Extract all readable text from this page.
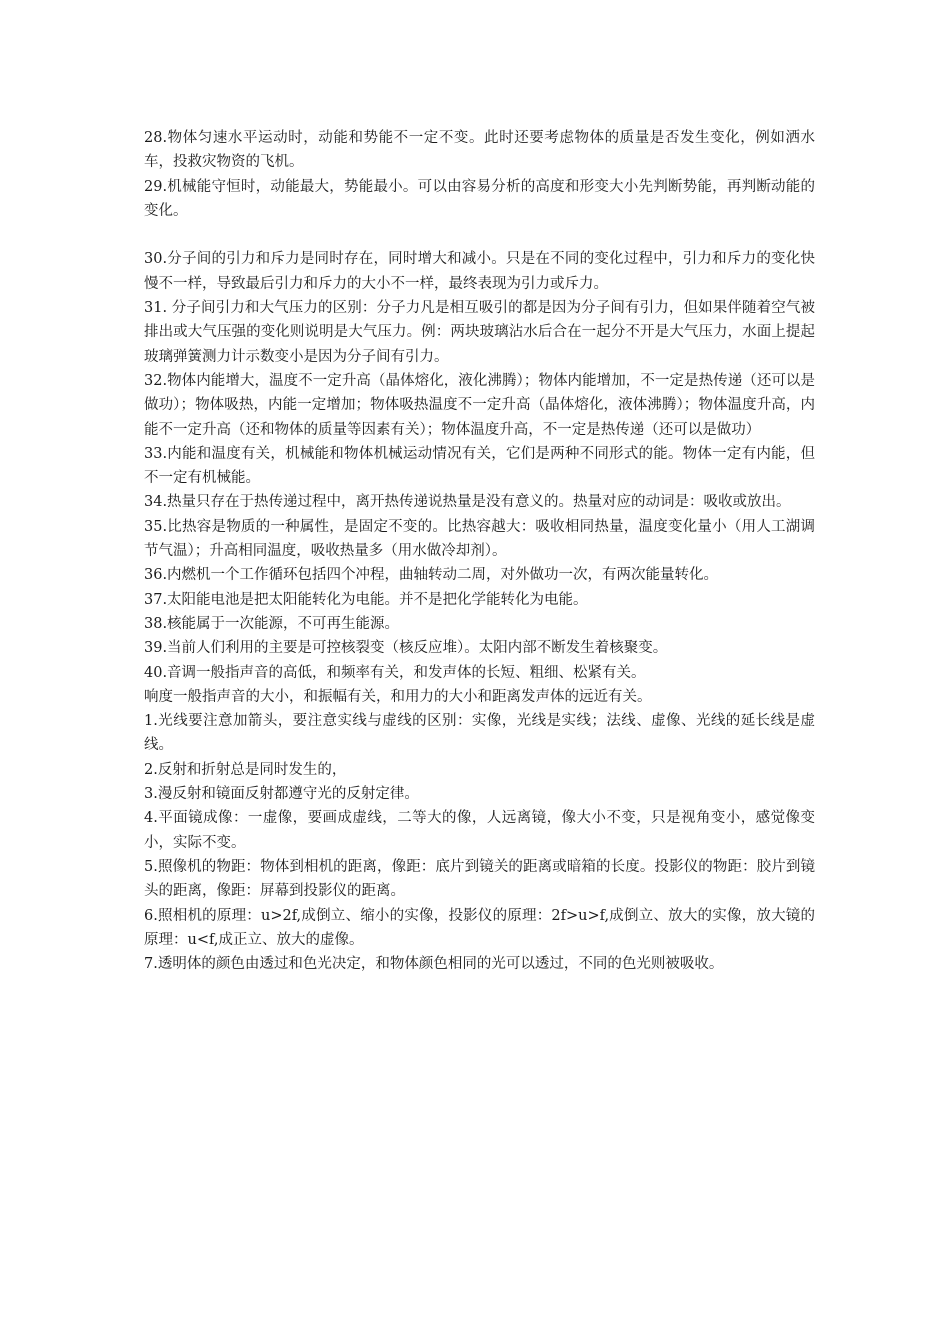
28.物体匀速水平运动时，动能和势能不一定不变。此时还要考虑物体的质量是否发生变化，例如洒水车，投救灾物资的飞机。

29.机械能守恒时，动能最大，势能最小。可以由容易分析的高度和形变大小先判断势能，再判断动能的变化。

30.分子间的引力和斥力是同时存在，同时增大和减小。只是在不同的变化过程中，引力和斥力的变化快慢不一样，导致最后引力和斥力的大小不一样，最终表现为引力或斥力。

31. 分子间引力和大气压力的区别：分子力凡是相互吸引的都是因为分子间有引力，但如果伴随着空气被排出或大气压强的变化则说明是大气压力。例：两块玻璃沾水后合在一起分不开是大气压力，水面上提起玻璃弹簧测力计示数变小是因为分子间有引力。

32.物体内能增大，温度不一定升高（晶体熔化，液化沸腾）；物体内能增加，不一定是热传递（还可以是做功）；物体吸热，内能一定增加；物体吸热温度不一定升高（晶体熔化，液体沸腾）；物体温度升高，内能不一定升高（还和物体的质量等因素有关）；物体温度升高，不一定是热传递（还可以是做功）

33.内能和温度有关，机械能和物体机械运动情况有关，它们是两种不同形式的能。物体一定有内能，但不一定有机械能。

34.热量只存在于热传递过程中，离开热传递说热量是没有意义的。热量对应的动词是：吸收或放出。

35.比热容是物质的一种属性，是固定不变的。比热容越大：吸收相同热量，温度变化量小（用人工湖调节气温）；升高相同温度，吸收热量多（用水做冷却剂）。

36.内燃机一个工作循环包括四个冲程，曲轴转动二周，对外做功一次，有两次能量转化。

37.太阳能电池是把太阳能转化为电能。并不是把化学能转化为电能。

38.核能属于一次能源，不可再生能源。

39.当前人们利用的主要是可控核裂变（核反应堆）。太阳内部不断发生着核聚变。

40.音调一般指声音的高低，和频率有关，和发声体的长短、粗细、松紧有关。

响度一般指声音的大小，和振幅有关，和用力的大小和距离发声体的远近有关。

1.光线要注意加箭头，要注意实线与虚线的区别：实像，光线是实线；法线、虚像、光线的延长线是虚线。

2.反射和折射总是同时发生的，

3.漫反射和镜面反射都遵守光的反射定律。

4.平面镜成像：一虚像，要画成虚线，二等大的像，人远离镜，像大小不变，只是视角变小，感觉像变小，实际不变。

5.照像机的物距：物体到相机的距离，像距：底片到镜关的距离或暗箱的长度。投影仪的物距：胶片到镜头的距离，像距：屏幕到投影仪的距离。

6.照相机的原理：u>2f,成倒立、缩小的实像，投影仪的原理：2f>u>f,成倒立、放大的实像，放大镜的原理：u<f,成正立、放大的虚像。

7.透明体的颜色由透过和色光决定，和物体颜色相同的光可以透过，不同的色光则被吸收。
